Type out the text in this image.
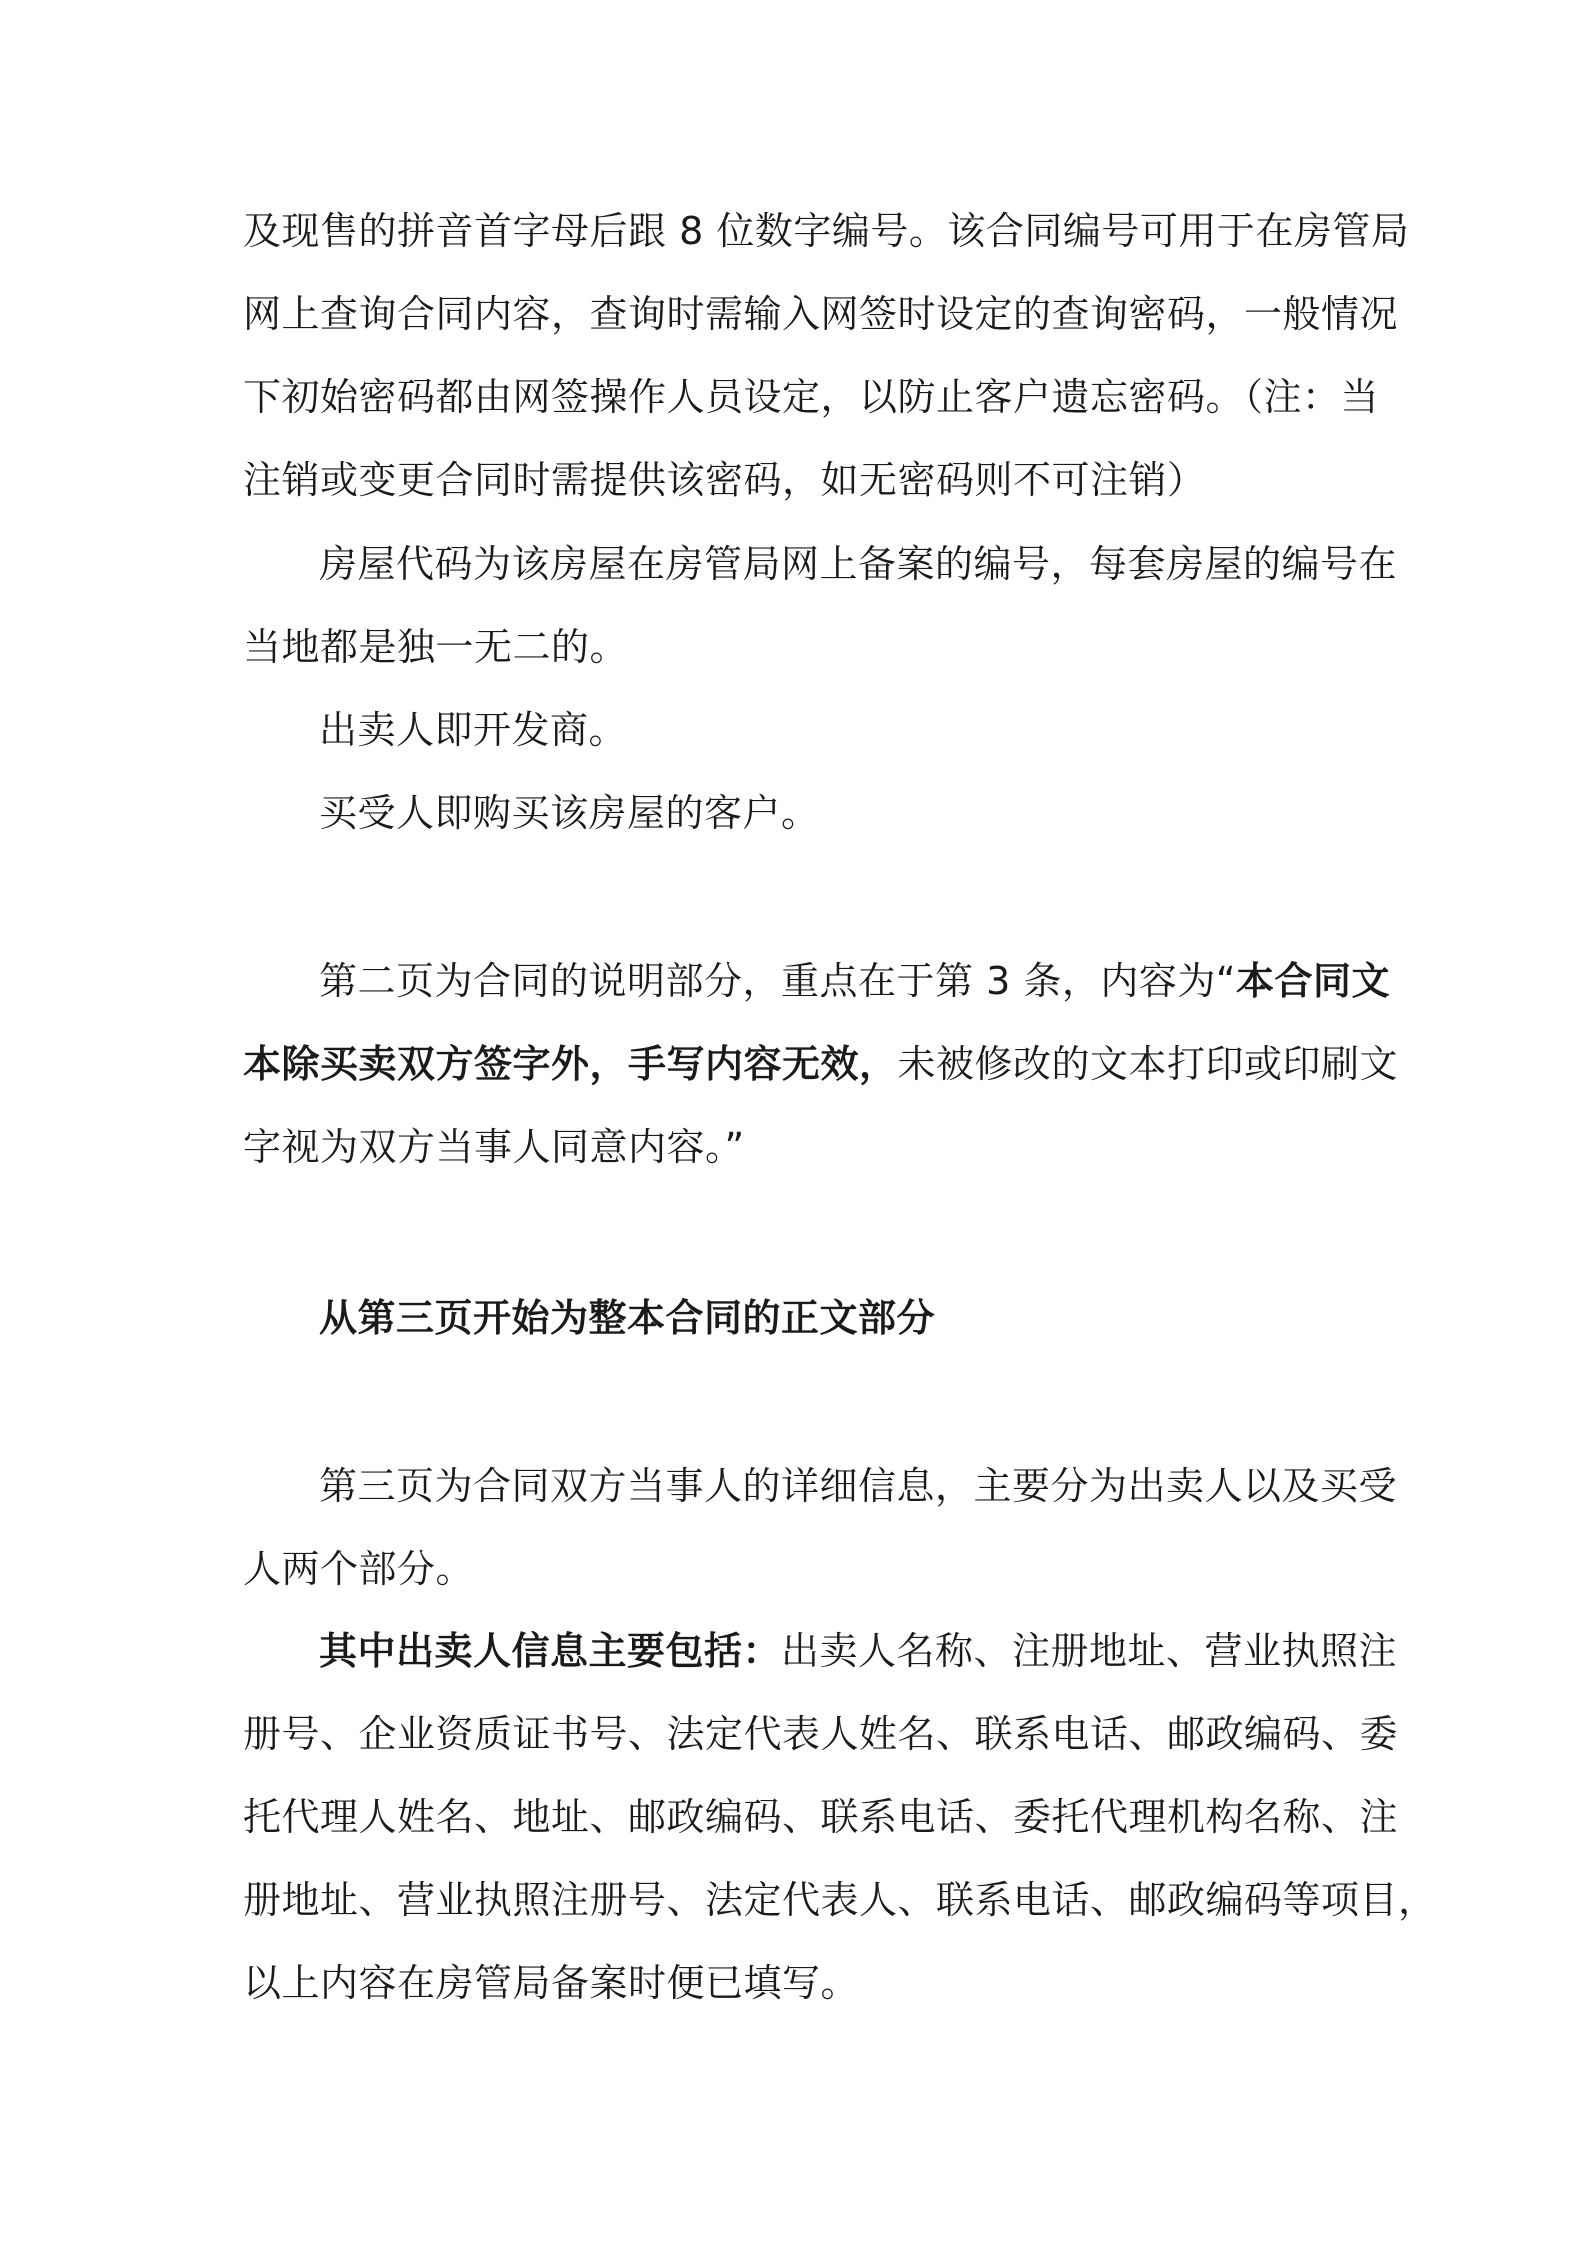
及现售的拼音首字母后跟 8 位数字编号。该合同编号可用于在房管局
网上查询合同内容，查询时需输入网签时设定的查询密码，一般情况
下初始密码都由网签操作人员设定，以防止客户遗忘密码。（注：当
注销或变更合同时需提供该密码，如无密码则不可注销）
房屋代码为该房屋在房管局网上备案的编号，每套房屋的编号在
当地都是独一无二的。
出卖人即开发商。
买受人即购买该房屋的客户。
第二页为合同的说明部分，重点在于第 3 条，内容为“本合同文
本除买卖双方签字外，手写内容无效，未被修改的文本打印或印刷文
字视为双方当事人同意内容。”
从第三页开始为整本合同的正文部分
第三页为合同双方当事人的详细信息，主要分为出卖人以及买受
人两个部分。
其中出卖人信息主要包括：出卖人名称、注册地址、营业执照注
册号、企业资质证书号、法定代表人姓名、联系电话、邮政编码、委
托代理人姓名、地址、邮政编码、联系电话、委托代理机构名称、注
册地址、营业执照注册号、法定代表人、联系电话、邮政编码等项目，
以上内容在房管局备案时便已填写。
